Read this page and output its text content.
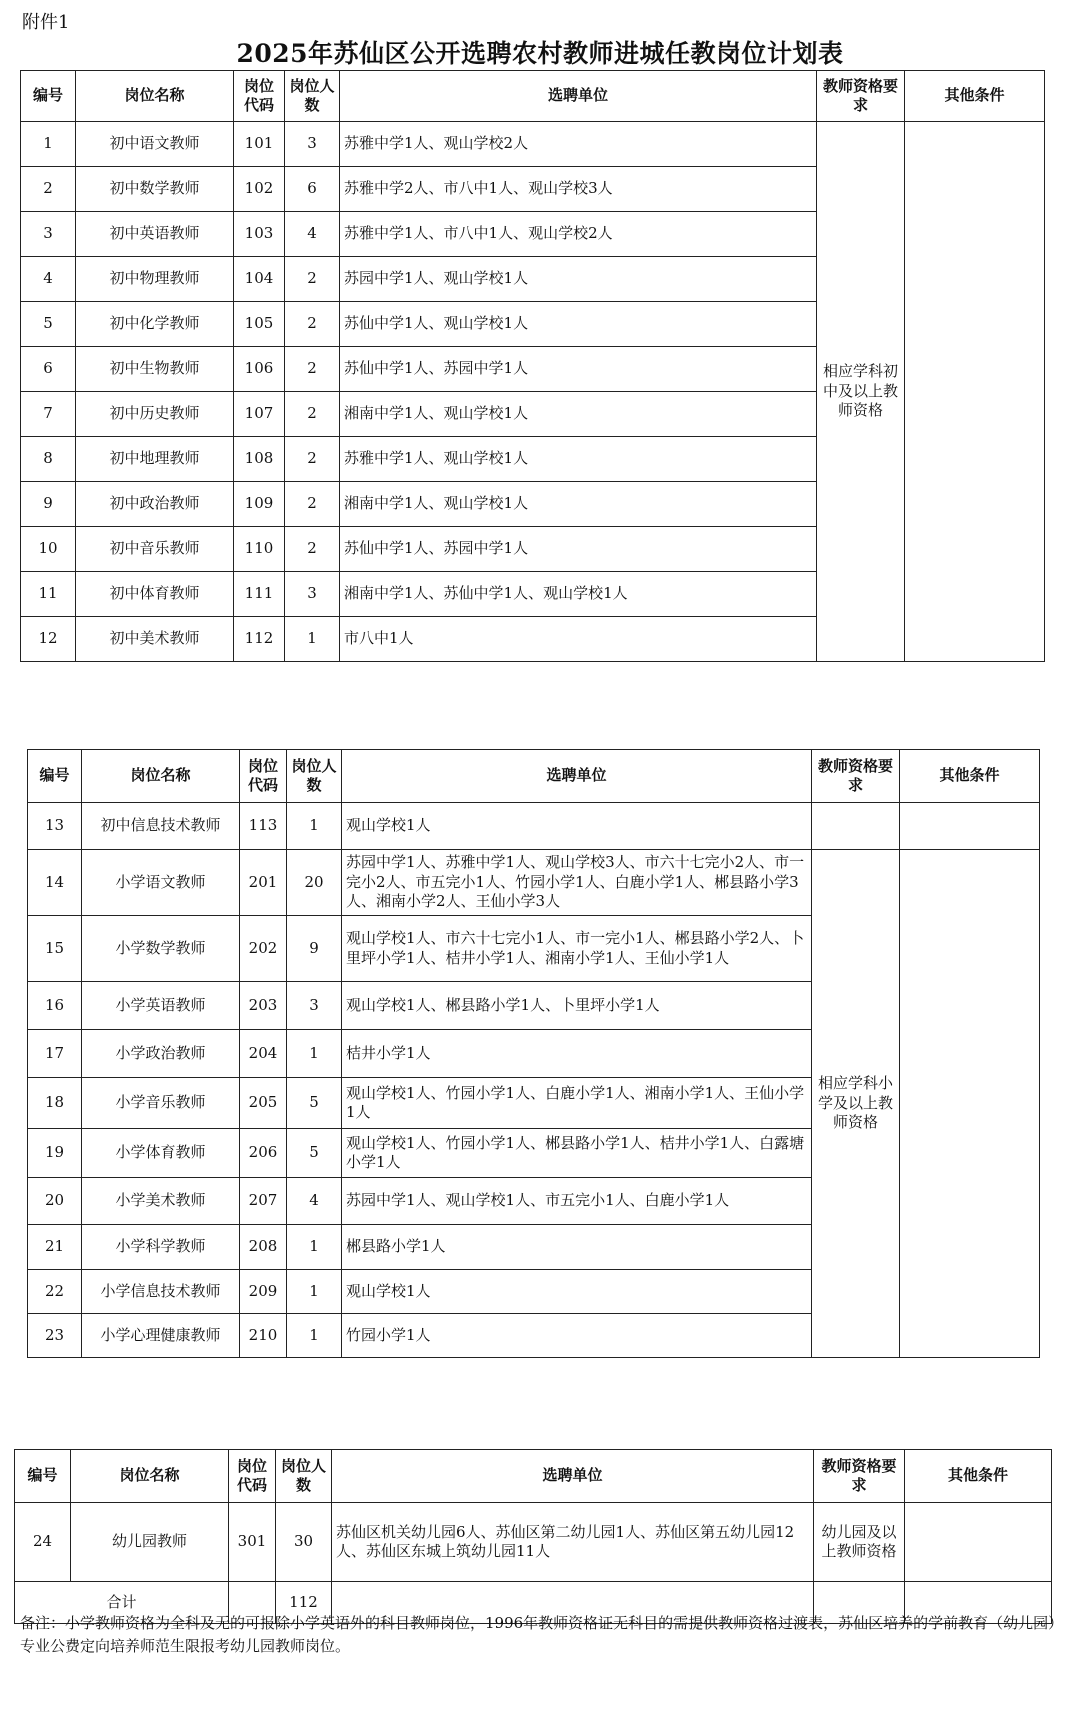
附件1
2025年苏仙区公开选聘农村教师进城任教岗位计划表
编号	岗位名称	岗位代码	岗位人数	选聘单位	教师资格要求	其他条件
1	初中语文教师	101	3	苏雅中学1人、观山学校2人	相应学科初中及以上教师资格	
2	初中数学教师	102	6	苏雅中学2人、市八中1人、观山学校3人		
3	初中英语教师	103	4	苏雅中学1人、市八中1人、观山学校2人		
4	初中物理教师	104	2	苏园中学1人、观山学校1人		
5	初中化学教师	105	2	苏仙中学1人、观山学校1人		
6	初中生物教师	106	2	苏仙中学1人、苏园中学1人		
7	初中历史教师	107	2	湘南中学1人、观山学校1人		
8	初中地理教师	108	2	苏雅中学1人、观山学校1人		
9	初中政治教师	109	2	湘南中学1人、观山学校1人		
10	初中音乐教师	110	2	苏仙中学1人、苏园中学1人		
11	初中体育教师	111	3	湘南中学1人、苏仙中学1人、观山学校1人		
12	初中美术教师	112	1	市八中1人		
编号	岗位名称	岗位代码	岗位人数	选聘单位	教师资格要求	其他条件
13	初中信息技术教师	113	1	观山学校1人		
14	小学语文教师	201	20	苏园中学1人、苏雅中学1人、观山学校3人、市六十七完小2人、市一完小2人、市五完小1人、竹园小学1人、白鹿小学1人、郴县路小学3人、湘南小学2人、王仙小学3人	相应学科小学及以上教师资格	
15	小学数学教师	202	9	观山学校1人、市六十七完小1人、市一完小1人、郴县路小学2人、卜里坪小学1人、桔井小学1人、湘南小学1人、王仙小学1人		
16	小学英语教师	203	3	观山学校1人、郴县路小学1人、卜里坪小学1人		
17	小学政治教师	204	1	桔井小学1人		
18	小学音乐教师	205	5	观山学校1人、竹园小学1人、白鹿小学1人、湘南小学1人、王仙小学1人		
19	小学体育教师	206	5	观山学校1人、竹园小学1人、郴县路小学1人、桔井小学1人、白露塘小学1人		
20	小学美术教师	207	4	苏园中学1人、观山学校1人、市五完小1人、白鹿小学1人		
21	小学科学教师	208	1	郴县路小学1人		
22	小学信息技术教师	209	1	观山学校1人		
23	小学心理健康教师	210	1	竹园小学1人		
编号	岗位名称	岗位代码	岗位人数	选聘单位	教师资格要求	其他条件
24	幼儿园教师	301	30	苏仙区机关幼儿园6人、苏仙区第二幼儿园1人、苏仙区第五幼儿园12人、苏仙区东城上筑幼儿园11人	幼儿园及以上教师资格	
合计			112			
备注：小学教师资格为全科及无的可报除小学英语外的科目教师岗位，1996年教师资格证无科目的需提供教师资格过渡表，苏仙区培养的学前教育（幼儿园）专业公费定向培养师范生限报考幼儿园教师岗位。
